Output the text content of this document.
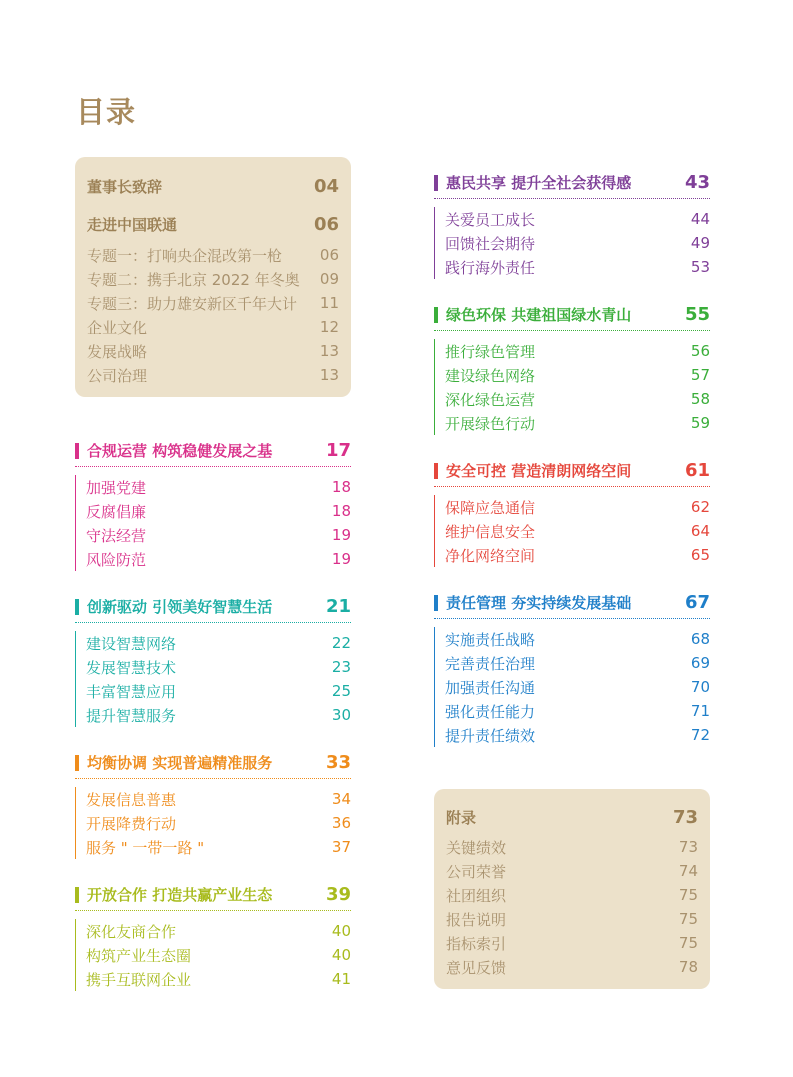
目录
董事长致辞	04
走进中国联通	06
专题一：打响央企混改第一枪	06
专题二：携手北京 2022 年冬奥 09
专题三：助力雄安新区千年大计 11
企业文化	12
发展战略	13
公司治理	13
合规运营 构筑稳健发展之基	17
加强党建	18
反腐倡廉	18
守法经营	19
风险防范	19
创新驱动 引领美好智慧生活	21
建设智慧网络	22
发展智慧技术	23
丰富智慧应用	25
提升智慧服务	30
均衡协调 实现普遍精准服务	33
发展信息普惠	34
开展降费行动	36
服务 " 一带一路 "	37
开放合作 打造共赢产业生态	39
深化友商合作	40
构筑产业生态圈	40
携手互联网企业	41
惠民共享 提升全社会获得感	43
关爱员工成长	44
回馈社会期待	49
践行海外责任	53
绿色环保 共建祖国绿水青山	55
推行绿色管理	56
建设绿色网络	57
深化绿色运营	58
开展绿色行动	59
安全可控 营造清朗网络空间	61
保障应急通信	62
维护信息安全	64
净化网络空间	65
责任管理 夯实持续发展基础	67
实施责任战略	68
完善责任治理	69
加强责任沟通	70
强化责任能力	71
提升责任绩效	72
附录	73
关键绩效	73
公司荣誉	74
社团组织	75
报告说明	75
指标索引	75
意见反馈	78
